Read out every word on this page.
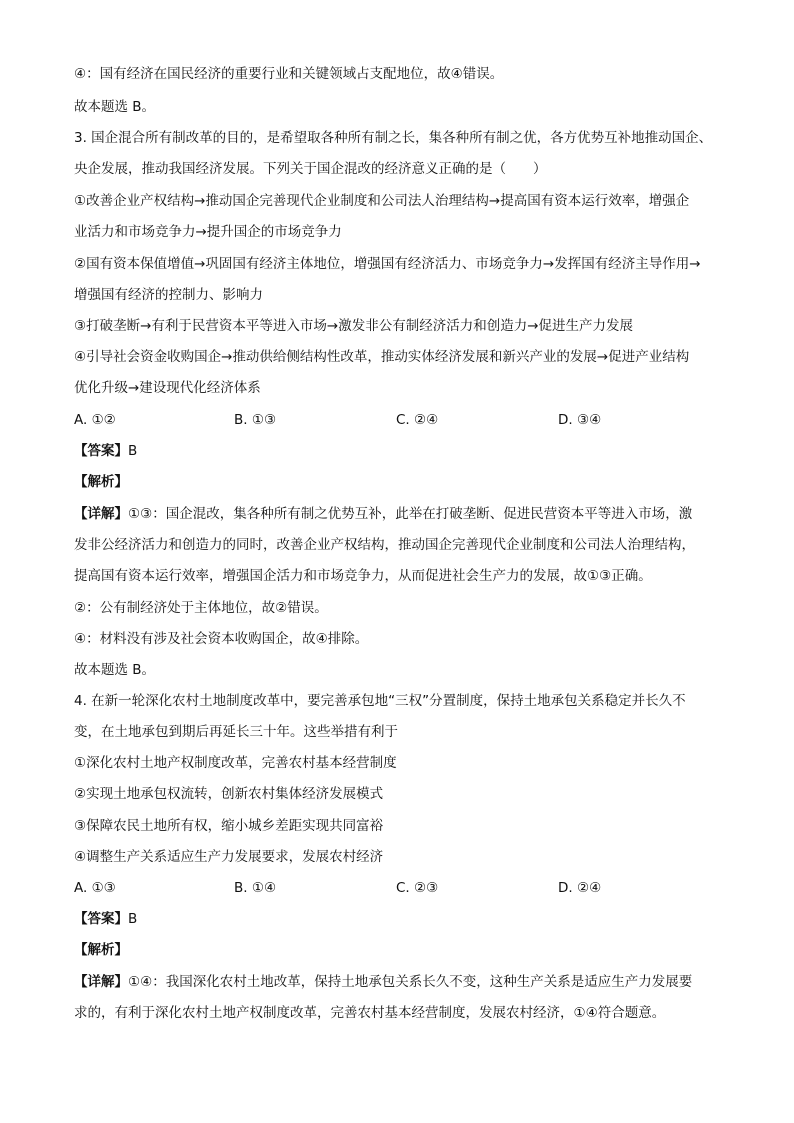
④：国有经济在国民经济的重要行业和关键领域占支配地位，故④错误。
故本题选 B。
3. 国企混合所有制改革的目的，是希望取各种所有制之长，集各种所有制之优，各方优势互补地推动国企、
央企发展，推动我国经济发展。下列关于国企混改的经济意义正确的是（　　）
①改善企业产权结构→推动国企完善现代企业制度和公司法人治理结构→提高国有资本运行效率，增强企
业活力和市场竞争力→提升国企的市场竞争力
②国有资本保值增值→巩固国有经济主体地位，增强国有经济活力、市场竞争力→发挥国有经济主导作用→
增强国有经济的控制力、影响力
③打破垄断→有利于民营资本平等进入市场→激发非公有制经济活力和创造力→促进生产力发展
④引导社会资金收购国企→推动供给侧结构性改革，推动实体经济发展和新兴产业的发展→促进产业结构
优化升级→建设现代化经济体系
A. ①②	B. ①③	C. ②④	D. ③④
【答案】B
【解析】
【详解】①③：国企混改，集各种所有制之优势互补，此举在打破垄断、促进民营资本平等进入市场，激
发非公经济活力和创造力的同时，改善企业产权结构，推动国企完善现代企业制度和公司法人治理结构，
提高国有资本运行效率，增强国企活力和市场竞争力，从而促进社会生产力的发展，故①③正确。
②：公有制经济处于主体地位，故②错误。
④：材料没有涉及社会资本收购国企，故④排除。
故本题选 B。
4. 在新一轮深化农村土地制度改革中，要完善承包地“三权”分置制度，保持土地承包关系稳定并长久不
变，在土地承包到期后再延长三十年。这些举措有利于
①深化农村土地产权制度改革，完善农村基本经营制度
②实现土地承包权流转，创新农村集体经济发展模式
③保障农民土地所有权，缩小城乡差距实现共同富裕
④调整生产关系适应生产力发展要求，发展农村经济
A. ①③	B. ①④	C. ②③	D. ②④
【答案】B
【解析】
【详解】①④：我国深化农村土地改革，保持土地承包关系长久不变，这种生产关系是适应生产力发展要
求的，有利于深化农村土地产权制度改革，完善农村基本经营制度，发展农村经济，①④符合题意。
